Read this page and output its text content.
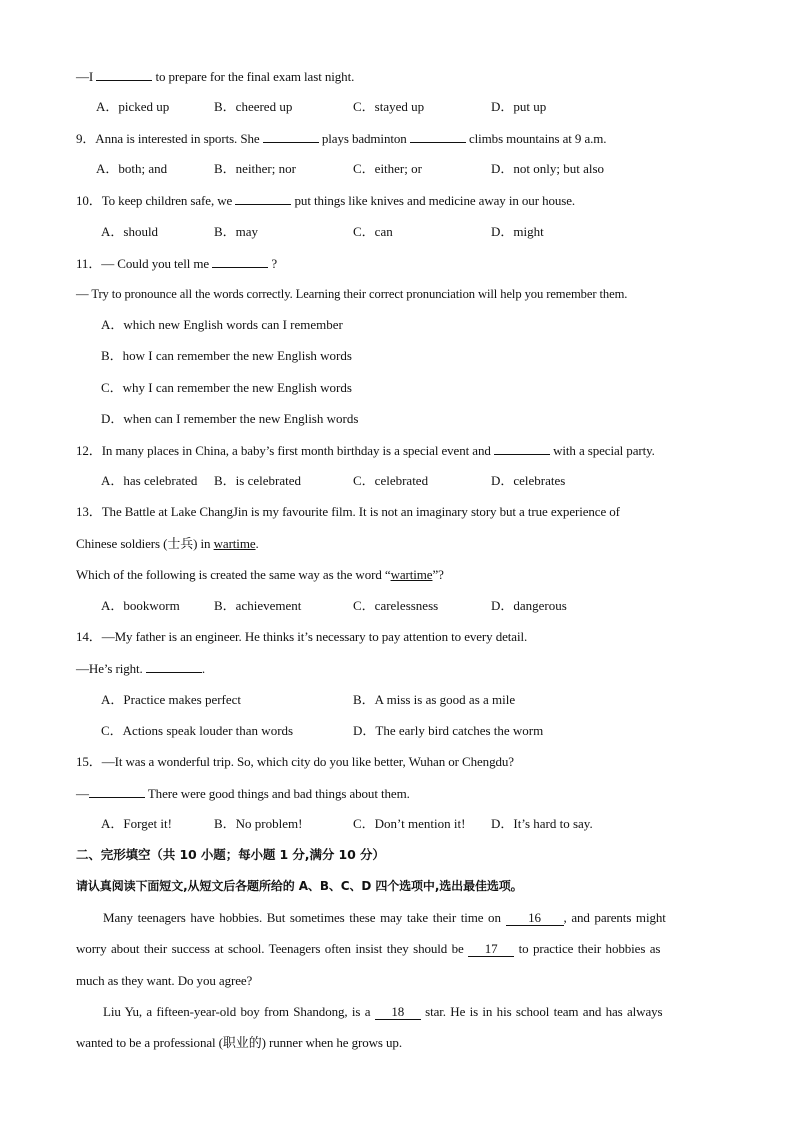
—I	to prepare for the final exam last night.
A．picked up	B．cheered up	C．stayed up	D．put up
9．Anna is interested in sports. She	plays badminton	climbs mountains at 9 a.m.
A．both; and	B．neither; nor	C．either; or	D．not only; but also
10．To keep children safe, we	put things like knives and medicine away in our house.
A．should	B．may	C．can	D．might
11．— Could you tell me	?
— Try to pronounce all the words correctly. Learning their correct pronunciation will help you remember them.
A．which new English words can I remember
B．how I can remember the new English words
C．why I can remember the new English words
D．when can I remember the new English words
12．In many places in China, a baby’s first month birthday is a special event and	with a special party.
A．has celebrated B．is celebrated	C．celebrated	D．celebrates
13．The Battle at Lake ChangJin is my favourite film. It is not an imaginary story but a true experience of
Chinese soldiers (士兵) in wartime.
Which of the following is created the same way as the word “wartime”?
A．bookworm	B．achievement	C．carelessness	D．dangerous
14．—My father is an engineer. He thinks it’s necessary to pay attention to every detail.
—He’s right.	.
A．Practice makes perfect	B．A miss is as good as a mile
C．Actions speak louder than words	D．The early bird catches the worm
15．—It was a wonderful trip. So, which city do you like better, Wuhan or Chengdu?
—	There were good things and bad things about them.
A．Forget it!	B．No problem!	C．Don’t mention it! D．It’s hard to say.
二、完形填空（共 10 小题；每小题 1 分,满分 10 分）
请认真阅读下面短文,从短文后各题所给的 A、B、C、D 四个选项中,选出最佳选项。
Many teenagers have hobbies. But sometimes these may take their time on 16 , and parents might
worry about their success at school. Teenagers often insist they should be 17 to practice their hobbies as
much as they want. Do you agree?
Liu Yu, a fifteen-year-old boy from Shandong, is a 18 star. He is in his school team and has always
wanted to be a professional (职业的) runner when he grows up.
